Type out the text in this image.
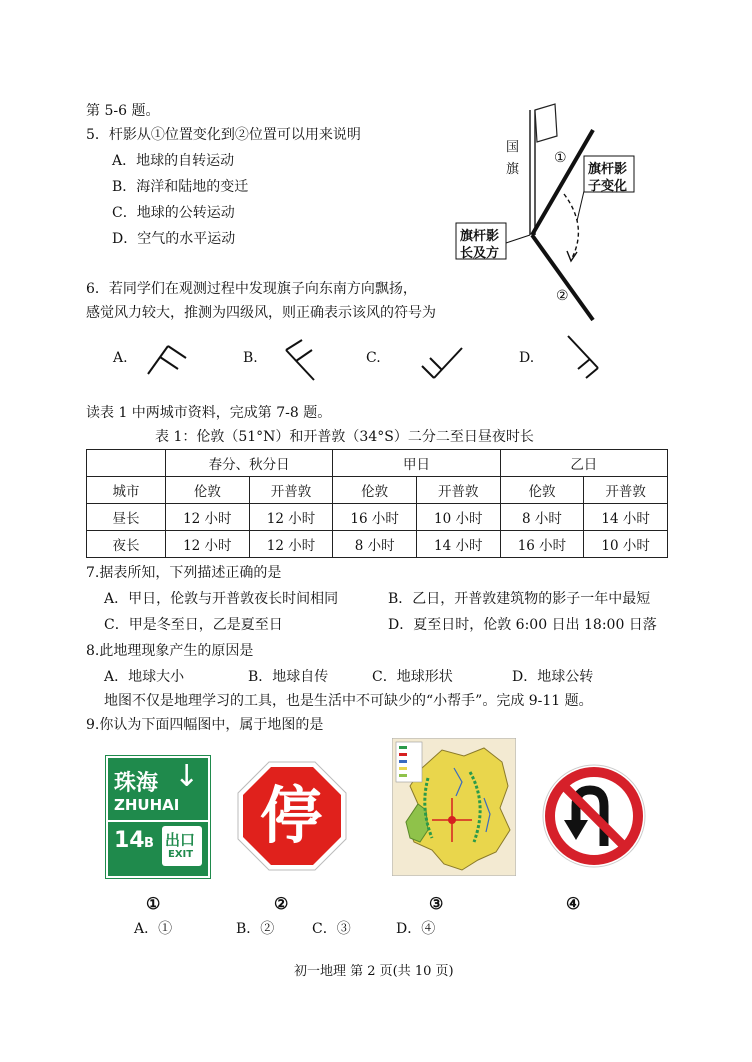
第 5-6 题。
5．杆影从①位置变化到②位置可以用来说明
A．地球的自转运动
B．海洋和陆地的变迁
C．地球的公转运动
D．空气的水平运动
国
旗
①
②
旗杆影
子变化
旗杆影
长及方
6．若同学们在观测过程中发现旗子向东南方向飘扬，
感觉风力较大，推测为四级风，则正确表示该风的符号为
A.	B.	C.	D.
读表 1 中两城市资料，完成第 7-8 题。
表 1：伦敦（51°N）和开普敦（34°S）二分二至日昼夜时长
	春分、秋分日		甲日		乙日	
城市	伦敦	开普敦	伦敦	开普敦	伦敦	开普敦
昼长	12 小时	12 小时	16 小时	10 小时	8 小时	14 小时
夜长	12 小时	12 小时	8 小时	14 小时	16 小时	10 小时
7.据表所知，下列描述正确的是
A．甲日，伦敦与开普敦夜长时间相同	B．乙日，开普敦建筑物的影子一年中最短
C．甲是冬至日，乙是夏至日	D．夏至日时，伦敦 6:00 日出 18:00 日落
8.此地理现象产生的原因是
A．地球大小	B．地球自传	C．地球形状	D．地球公转
地图不仅是地理学习的工具，也是生活中不可缺少的“小帮手”。完成 9-11 题。
9.你认为下面四幅图中，属于地图的是
珠海 ↓
ZHUHAI
14 B 出口
EXIT
停
①	②	③	④
A．①	B．②	C．③	D．④
初一地理 第 2 页(共 10 页)
